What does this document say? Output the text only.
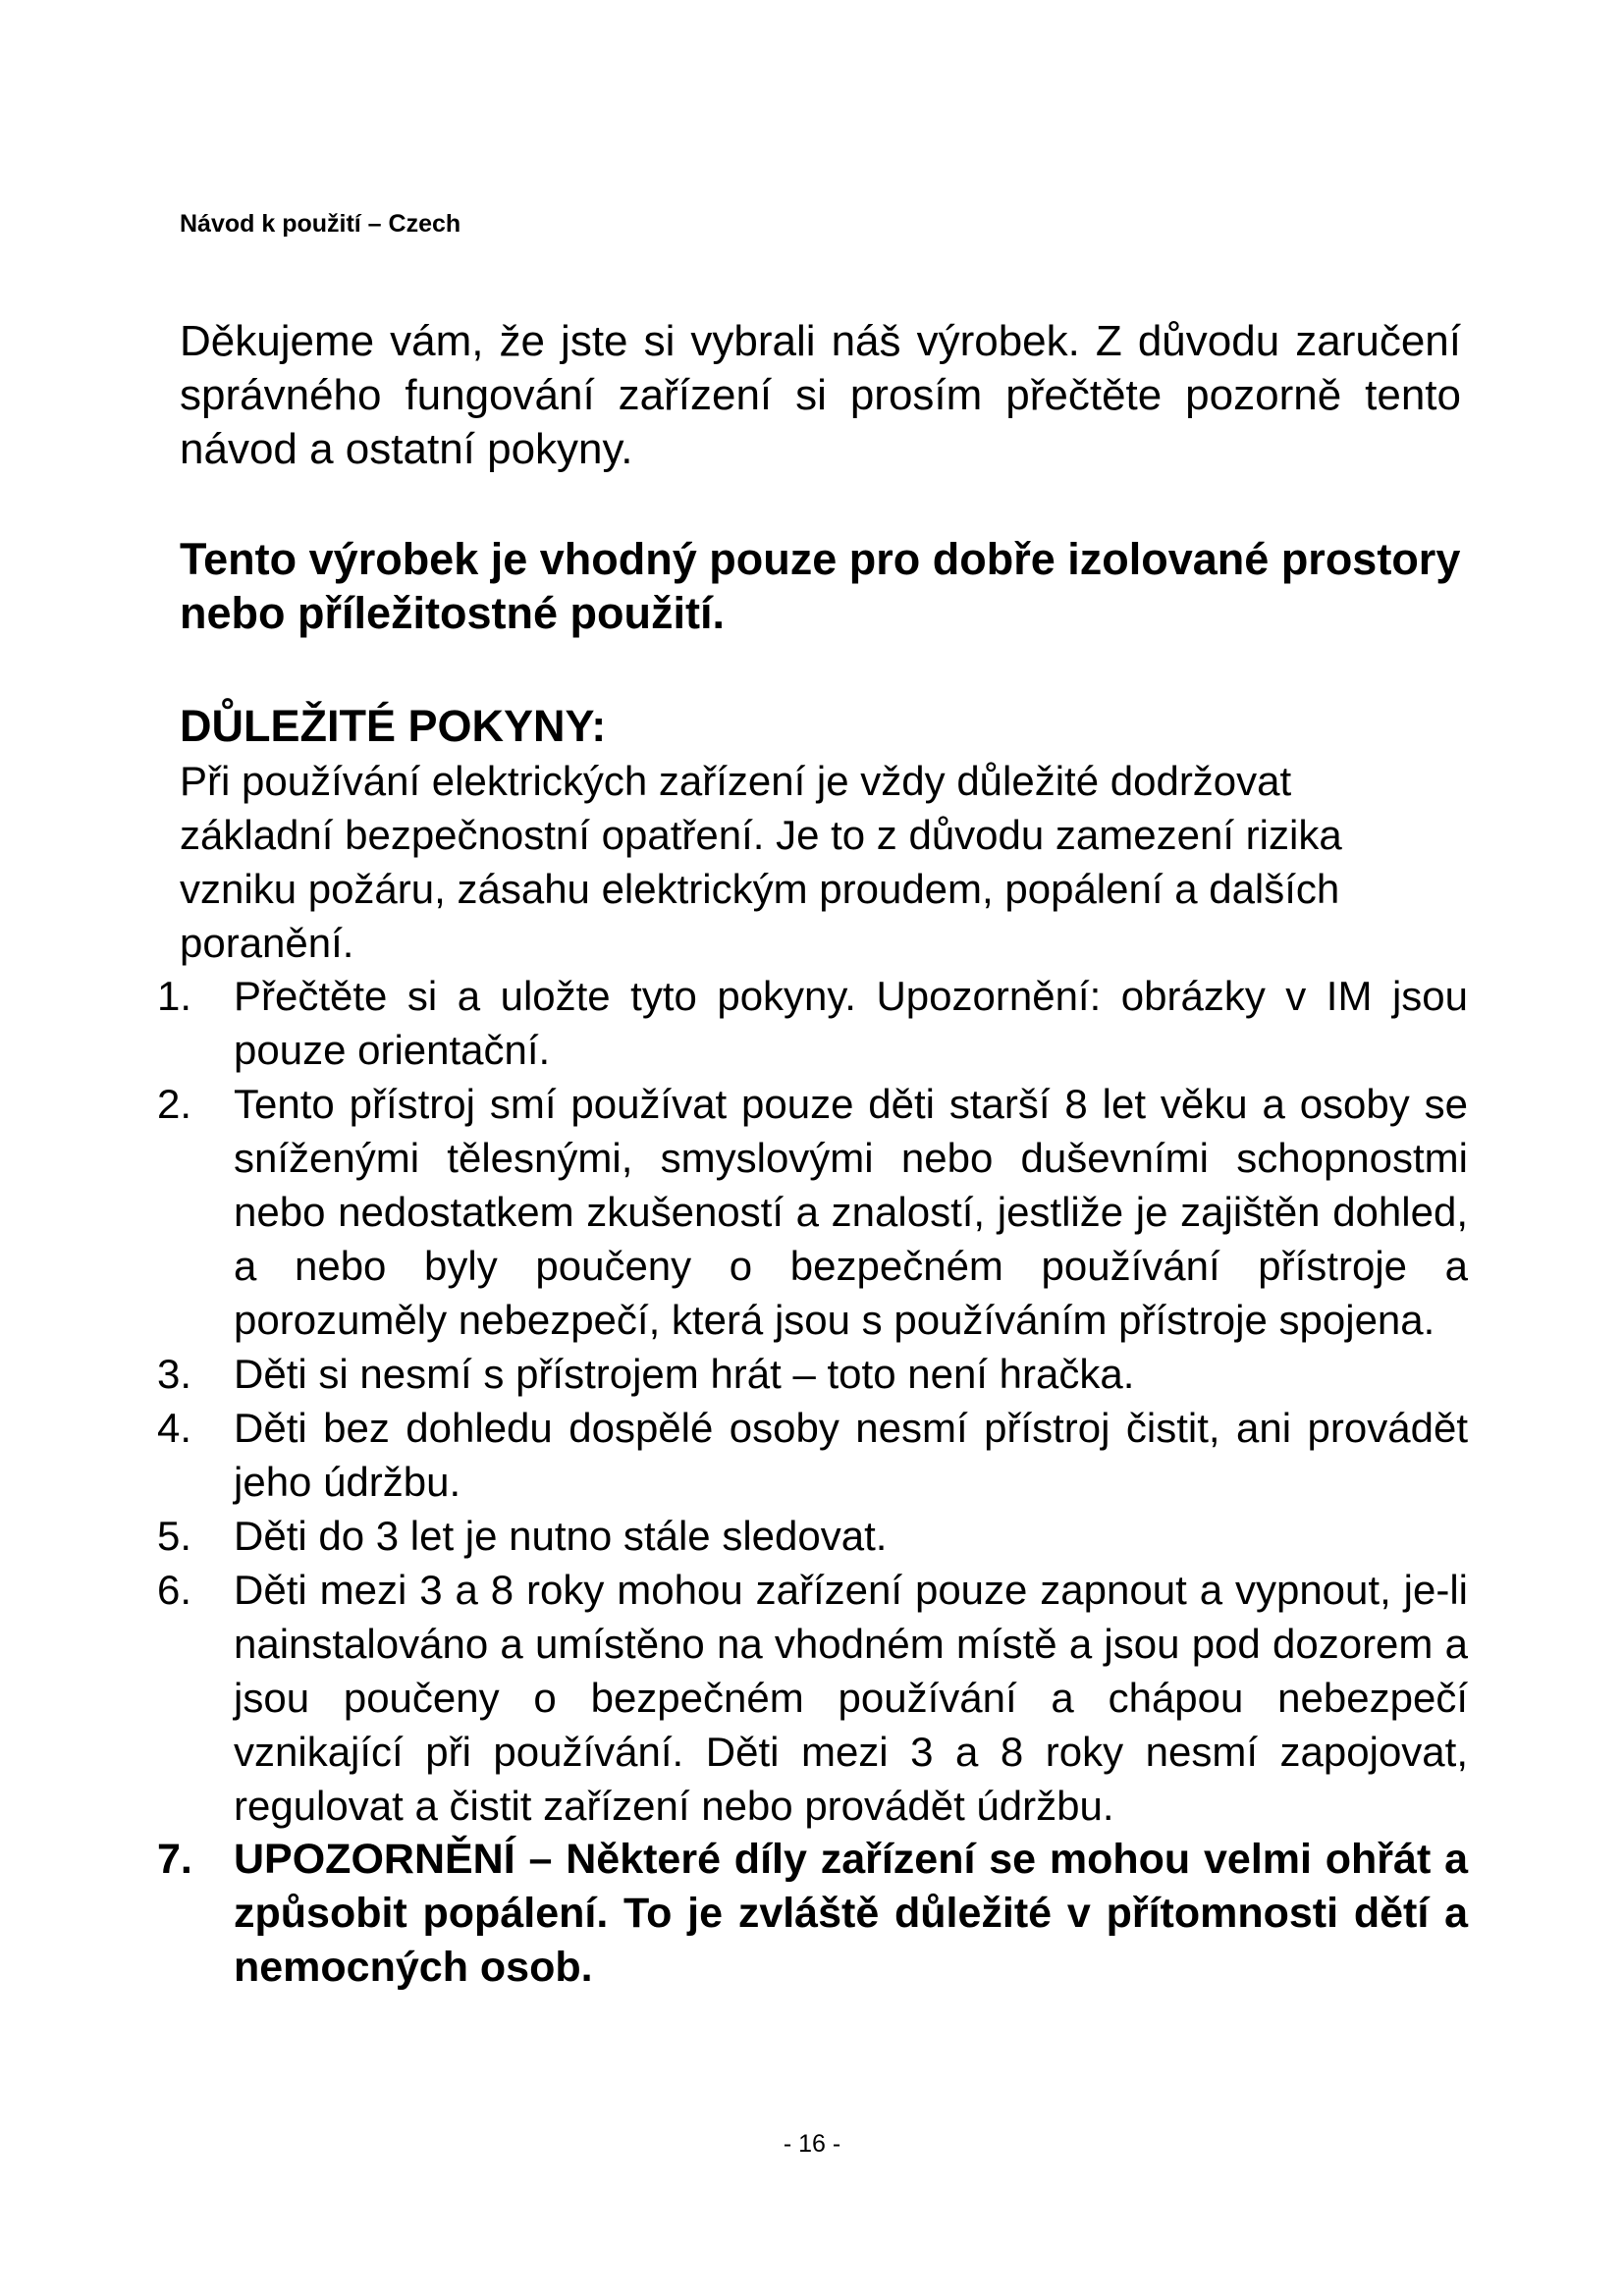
Návod k použití – Czech

Děkujeme vám, že jste si vybrali náš výrobek. Z důvodu zaručení správného fungování zařízení si prosím přečtěte pozorně tento návod a ostatní pokyny.

Tento výrobek je vhodný pouze pro dobře izolované prostory nebo příležitostné použití.

DŮLEŽITÉ POKYNY:

Při používání elektrických zařízení je vždy důležité dodržovat základní bezpečnostní opatření. Je to z důvodu zamezení rizika vzniku požáru, zásahu elektrickým proudem, popálení a dalších poranění.

1. Přečtěte si a uložte tyto pokyny. Upozornění: obrázky v IM jsou pouze orientační.
2. Tento přístroj smí používat pouze děti starší 8 let věku a osoby se sníženými tělesnými, smyslovými nebo duševními schopnostmi nebo nedostatkem zkušeností a znalostí, jestliže je zajištěn dohled, a nebo byly poučeny o bezpečném používání přístroje a porozuměly nebezpečí, která jsou s používáním přístroje spojena.
3. Děti si nesmí s přístrojem hrát – toto není hračka.
4. Děti bez dohledu dospělé osoby nesmí přístroj čistit, ani provádět jeho údržbu.
5. Děti do 3 let je nutno stále sledovat.
6. Děti mezi 3 a 8 roky mohou zařízení pouze zapnout a vypnout, je-li nainstalováno a umístěno na vhodném místě a jsou pod dozorem a jsou poučeny o bezpečném používání a chápou nebezpečí vznikající při používání. Děti mezi 3 a 8 roky nesmí zapojovat, regulovat a čistit zařízení nebo provádět údržbu.
7. UPOZORNĚNÍ – Některé díly zařízení se mohou velmi ohřát a způsobit popálení. To je zvláště důležité v přítomnosti dětí a nemocných osob.
- 16 -
